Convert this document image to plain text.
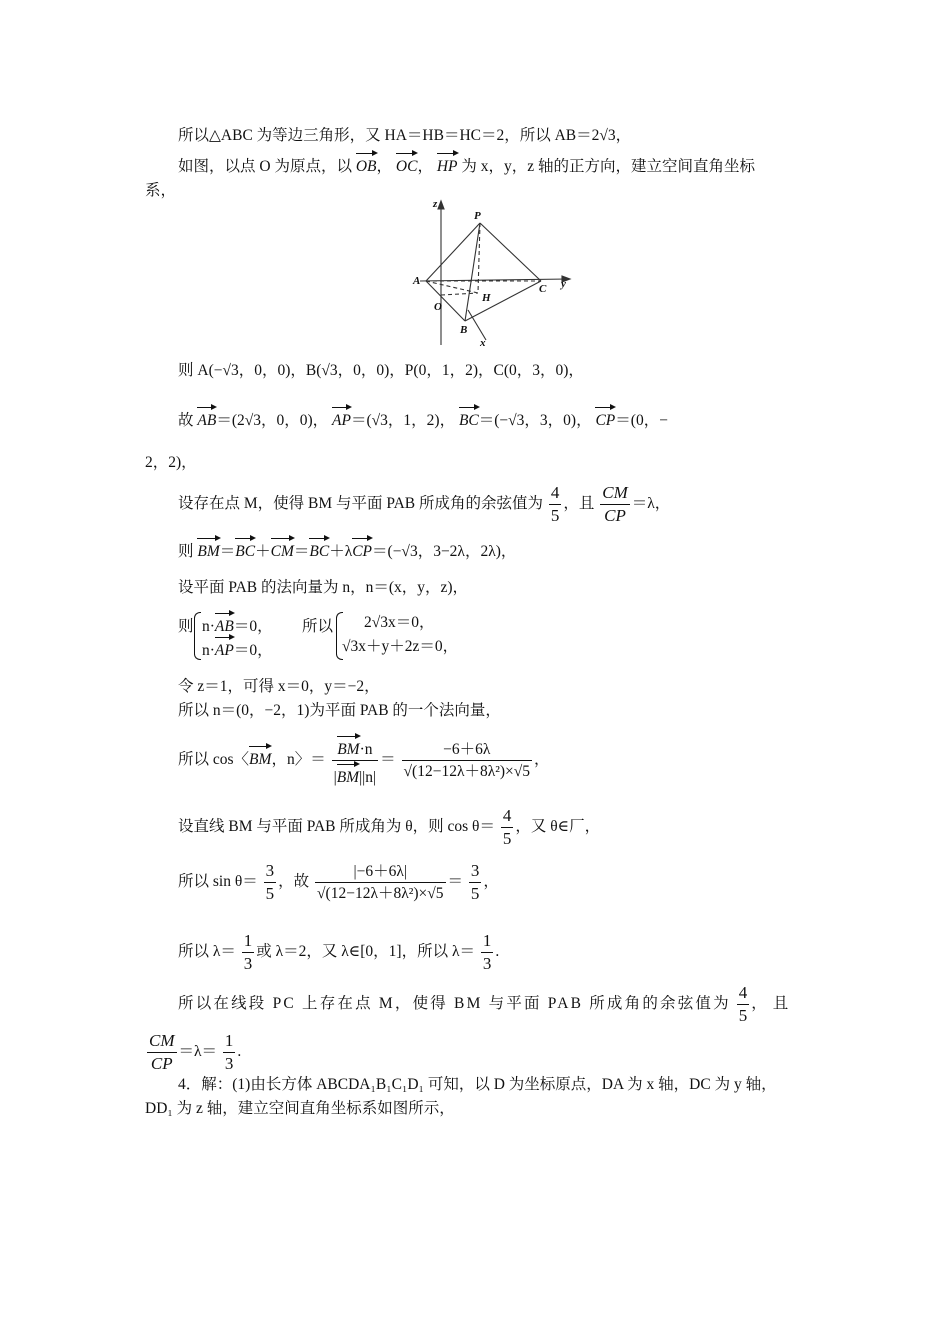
所以△ABC 为等边三角形，又 HA＝HB＝HC＝2，所以 AB＝2√3，
如图，以点 O 为原点，以 OB， OC， HP 为 x，y，z 轴的正方向，建立空间直角坐标
系，
z
P
A
H
C y
O
B
x
则 A(−√3，0，0)，B(√3，0，0)，P(0，1，2)，C(0，3，0)，
故 AB＝(2√3，0，0)， AP＝(√3，1，2)， BC＝(−√3，3，0)， CP＝(0，−
2，2)，
设存在点 M，使得 BM 与平面 PAB 所成角的余弦值为 $\frac{4}{5}$ ，且 $\frac{CM}{CP} =\lambda$，
则 BM＝BC＋CM＝BC＋λCP＝(−√3，3−2λ，2λ)，
设平面 PAB 的法向量为 n，n＝(x，y，z)，
则 n·AB＝0，
n·AP＝0，
所以 2√3x＝0，
√3x＋y＋2z＝0，
令 z＝1，可得 x＝0，y＝−2，
所以 n＝(0，−2，1)为平面 PAB 的一个法向量，
所以 cos〈BM，n〉＝ $\frac{BM\cdot n}{|BM||n|} = \frac{-6+6\lambda}{\text{√(12−12λ＋8λ²)×√5}}$ ，
设直线 BM 与平面 PAB 所成角为 θ，则 $\cos \theta= \frac{4}{5}$ ，又 θ∈厂，
所以 $\sin \theta= \frac{3}{5}$ ，故 $\frac{|-6+6\lambda|}{\text{√(12−12λ＋8λ²)×√5}} = \frac{3}{5}$ ，
所以 $\lambda= \frac{1}{3}$ 或 λ＝2，又 λ∈[0，1]，所以 $\lambda= \frac{1}{3}$ .
所以在线段 PC 上存在点 M，使得 BM 与平面 PAB 所成角的余弦值为 $\frac{4}{5}$ ，且
$\frac{CM}{CP} =\lambda= \frac{1}{3}$ .
4．解：(1)由长方体 ABCDA₁B₁C₁D₁ 可知，以 D 为坐标原点，DA 为 x 轴，DC 为 y 轴，
DD₁ 为 z 轴，建立空间直角坐标系如图所示，
